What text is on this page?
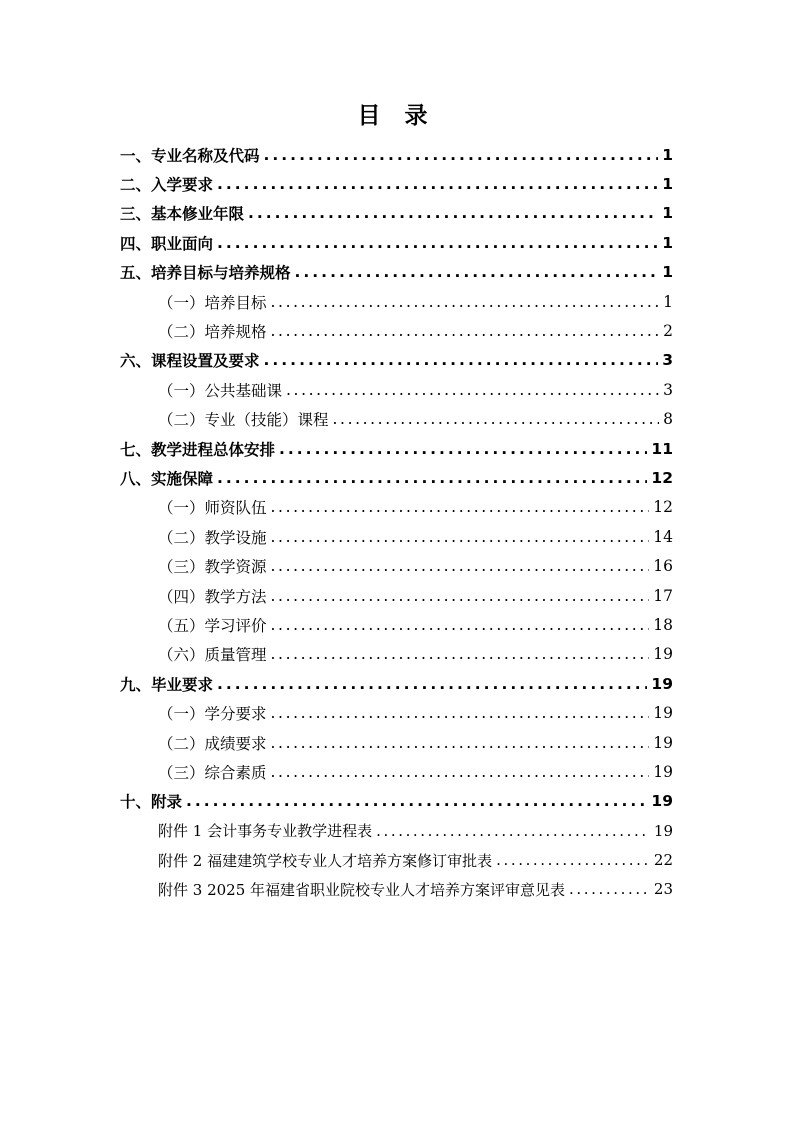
目 录
一、专业名称及代码 .....	1
二、入学要求 .....	1
三、基本修业年限 .....	1
四、职业面向 .....	1
五、培养目标与培养规格 .....	1
（一）培养目标 .....	1
（二）培养规格 .....	2
六、课程设置及要求 .....	3
（一）公共基础课 .....	3
（二）专业（技能）课程 .....	8
七、教学进程总体安排 .....	11
八、实施保障 .....	12
（一）师资队伍 .....	12
（二）教学设施 .....	14
（三）教学资源 .....	16
（四）教学方法 .....	17
（五）学习评价 .....	18
（六）质量管理 .....	19
九、毕业要求 .....	19
（一）学分要求 .....	19
（二）成绩要求 .....	19
（三）综合素质 .....	19
十、附录 .....	19
附件 1 会计事务专业教学进程表 .....	19
附件 2 福建建筑学校专业人才培养方案修订审批表 .....	22
附件 3 2025 年福建省职业院校专业人才培养方案评审意见表 .....	23
